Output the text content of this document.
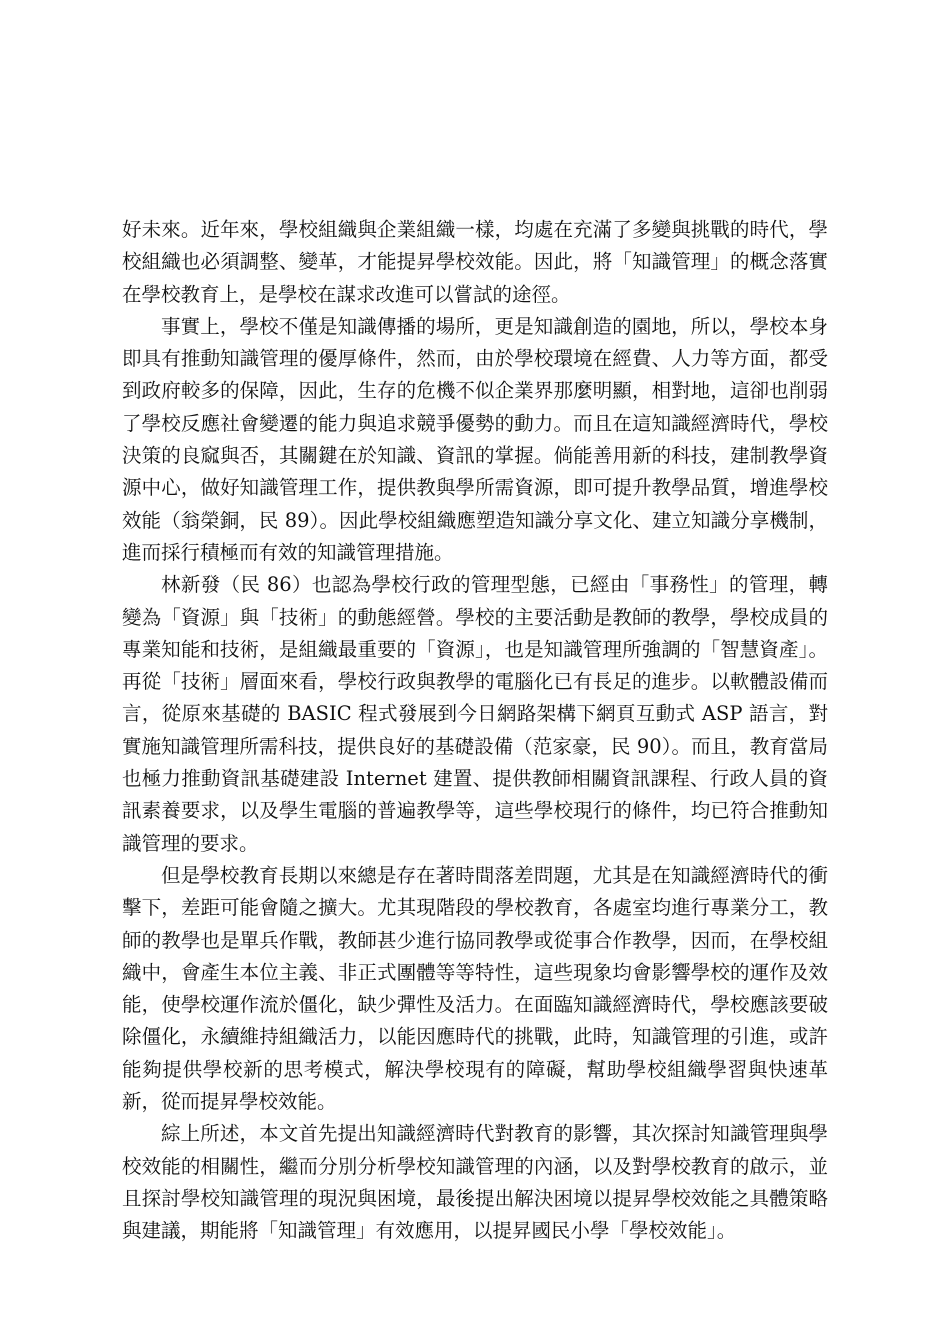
好未來。近年來，學校組織與企業組織一樣，均處在充滿了多變與挑戰的時代，學校組織也必須調整、變革，才能提昇學校效能。因此，將「知識管理」的概念落實在學校教育上，是學校在謀求改進可以嘗試的途徑。

事實上，學校不僅是知識傳播的場所，更是知識創造的園地，所以，學校本身即具有推動知識管理的優厚條件，然而，由於學校環境在經費、人力等方面，都受到政府較多的保障，因此，生存的危機不似企業界那麼明顯，相對地，這卻也削弱了學校反應社會變遷的能力與追求競爭優勢的動力。而且在這知識經濟時代，學校決策的良窳與否，其關鍵在於知識、資訊的掌握。倘能善用新的科技，建制教學資源中心，做好知識管理工作，提供教與學所需資源，即可提升教學品質，增進學校效能（翁榮銅，民 89）。因此學校組織應塑造知識分享文化、建立知識分享機制，進而採行積極而有效的知識管理措施。

林新發（民 86）也認為學校行政的管理型態，已經由「事務性」的管理，轉變為「資源」與「技術」的動態經營。學校的主要活動是教師的教學，學校成員的專業知能和技術，是組織最重要的「資源」，也是知識管理所強調的「智慧資產」。再從「技術」層面來看，學校行政與教學的電腦化已有長足的進步。以軟體設備而言，從原來基礎的 BASIC 程式發展到今日網路架構下網頁互動式 ASP 語言，對實施知識管理所需科技，提供良好的基礎設備（范家豪，民 90）。而且，教育當局也極力推動資訊基礎建設 Internet 建置、提供教師相關資訊課程、行政人員的資訊素養要求，以及學生電腦的普遍教學等，這些學校現行的條件，均已符合推動知識管理的要求。

但是學校教育長期以來總是存在著時間落差問題，尤其是在知識經濟時代的衝擊下，差距可能會隨之擴大。尤其現階段的學校教育，各處室均進行專業分工，教師的教學也是單兵作戰，教師甚少進行協同教學或從事合作教學，因而，在學校組織中，會產生本位主義、非正式團體等等特性，這些現象均會影響學校的運作及效能，使學校運作流於僵化，缺少彈性及活力。在面臨知識經濟時代，學校應該要破除僵化，永續維持組織活力，以能因應時代的挑戰，此時，知識管理的引進，或許能夠提供學校新的思考模式，解決學校現有的障礙，幫助學校組織學習與快速革新，從而提昇學校效能。

綜上所述，本文首先提出知識經濟時代對教育的影響，其次探討知識管理與學校效能的相關性，繼而分別分析學校知識管理的內涵，以及對學校教育的啟示，並且探討學校知識管理的現況與困境，最後提出解決困境以提昇學校效能之具體策略與建議，期能將「知識管理」有效應用，以提昇國民小學「學校效能」。
